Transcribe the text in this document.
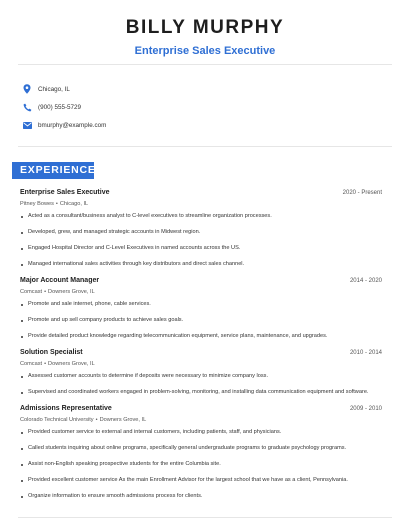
BILLY MURPHY
Enterprise Sales Executive
Chicago, IL
(900) 555-5729
bmurphy@example.com
EXPERIENCE
Enterprise Sales Executive	2020 - Present
Pitney Bowes • Chicago, IL
Acted as a consultant/business analyst to C-level executives to streamline organization processes.
Developed, grew, and managed strategic accounts in Midwest region.
Engaged Hospital Director and C-Level Executives in named accounts across the US.
Managed international sales activities through key distributors and direct sales channel.
Major Account Manager	2014 - 2020
Comcast • Downers Grove, IL
Promote and sale internet, phone, cable services.
Promote and up sell company products to achieve sales goals.
Provide detailed product knowledge regarding telecommunication equipment, service plans, maintenance, and upgrades.
Solution Specialist	2010 - 2014
Comcast • Downers Grove, IL
Assessed customer accounts to determine if deposits were necessary to minimize company loss.
Supervised and coordinated workers engaged in problem-solving, monitoring, and installing data communication equipment and software.
Admissions Representative	2009 - 2010
Colorado Technical University • Downers Grove, IL
Provided customer service to external and internal customers, including patients, staff, and physicians.
Called students inquiring about online programs, specifically general undergraduate programs to graduate psychology programs.
Assist non-English speaking prospective students for the entire Columbia site.
Provided excellent customer service As the main Enrollment Advisor for the largest school that we have as a client, Pennsylvania.
Organize information to ensure smooth admissions process for clients.
